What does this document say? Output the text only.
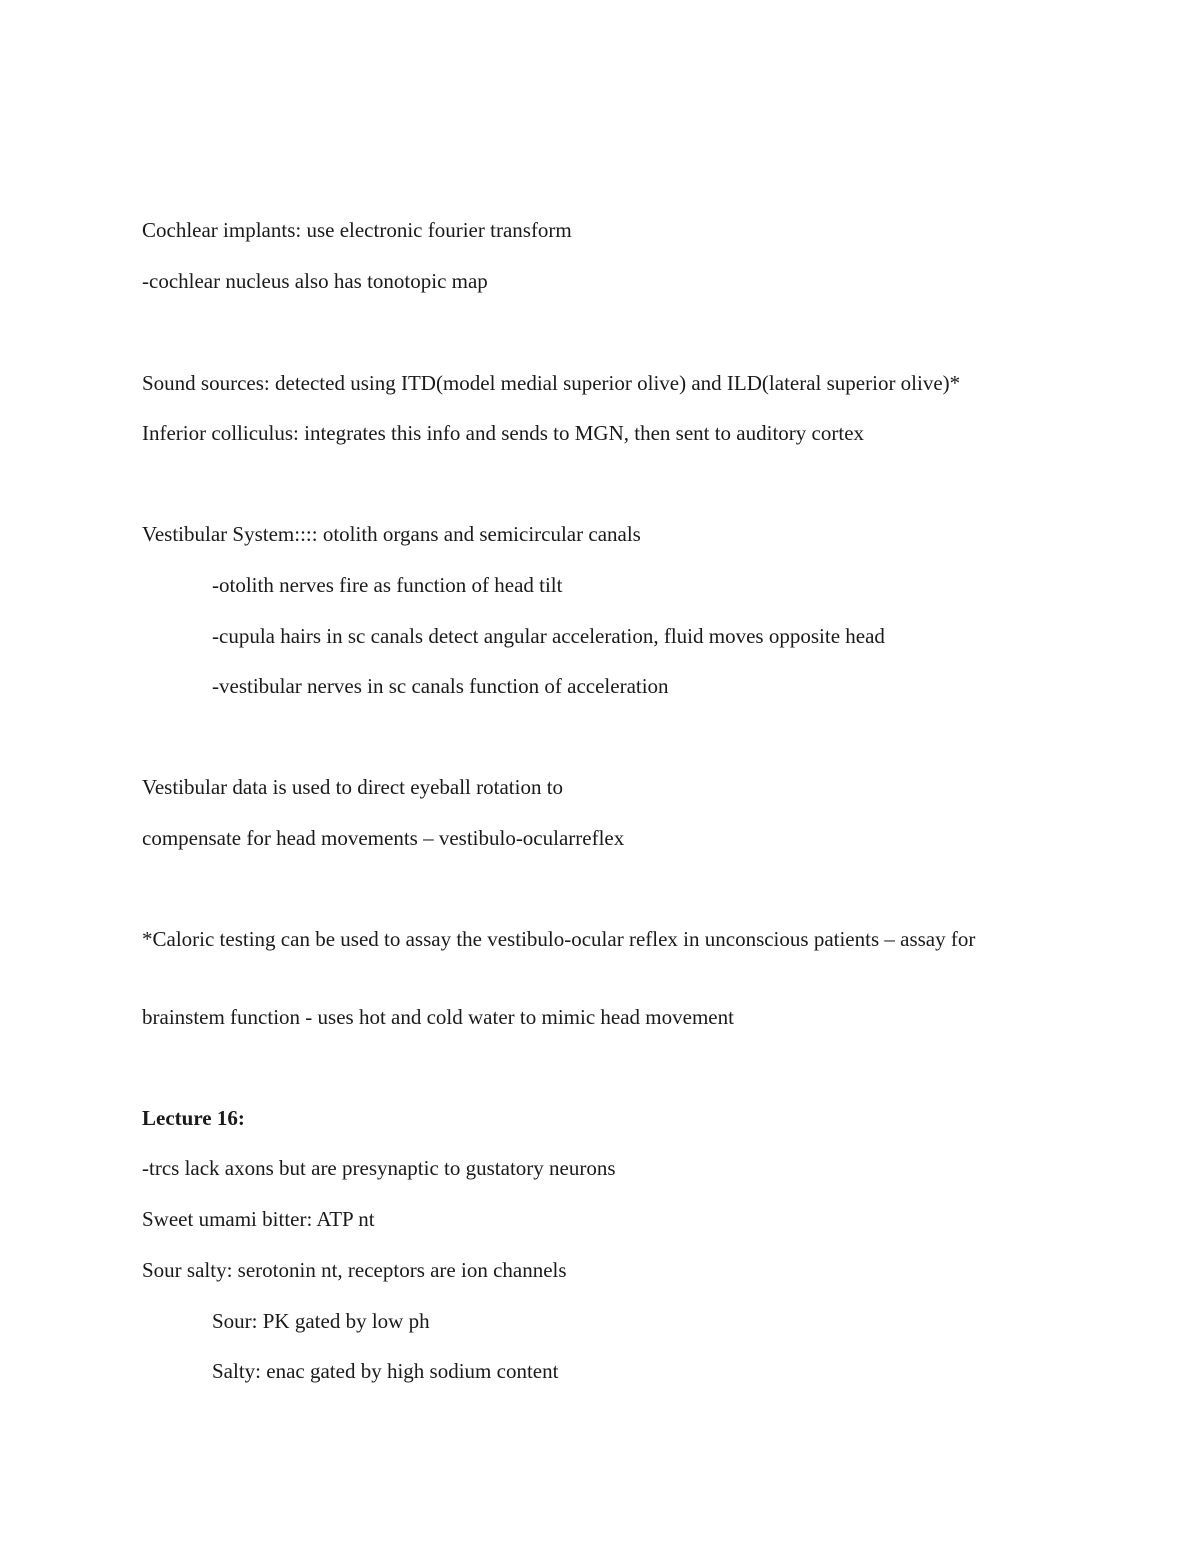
Cochlear implants: use electronic fourier transform
-cochlear nucleus also has tonotopic map
Sound sources: detected using ITD(model medial superior olive) and ILD(lateral superior olive)*
Inferior colliculus: integrates this info and sends to MGN, then sent to auditory cortex
Vestibular System:::: otolith organs and semicircular canals
-otolith nerves fire as function of head tilt
-cupula hairs in sc canals detect angular acceleration, fluid moves opposite head
-vestibular nerves in sc canals function of acceleration
Vestibular data is used to direct eyeball rotation to
compensate for head movements – vestibulo-ocularreflex
*Caloric testing can be used to assay the vestibulo-ocular reflex in unconscious patients – assay for
brainstem function - uses hot and cold water to mimic head movement
Lecture 16:
-trcs lack axons but are presynaptic to gustatory neurons
Sweet umami bitter: ATP nt
Sour salty: serotonin nt, receptors are ion channels
Sour: PK gated by low ph
Salty: enac gated by high sodium content
